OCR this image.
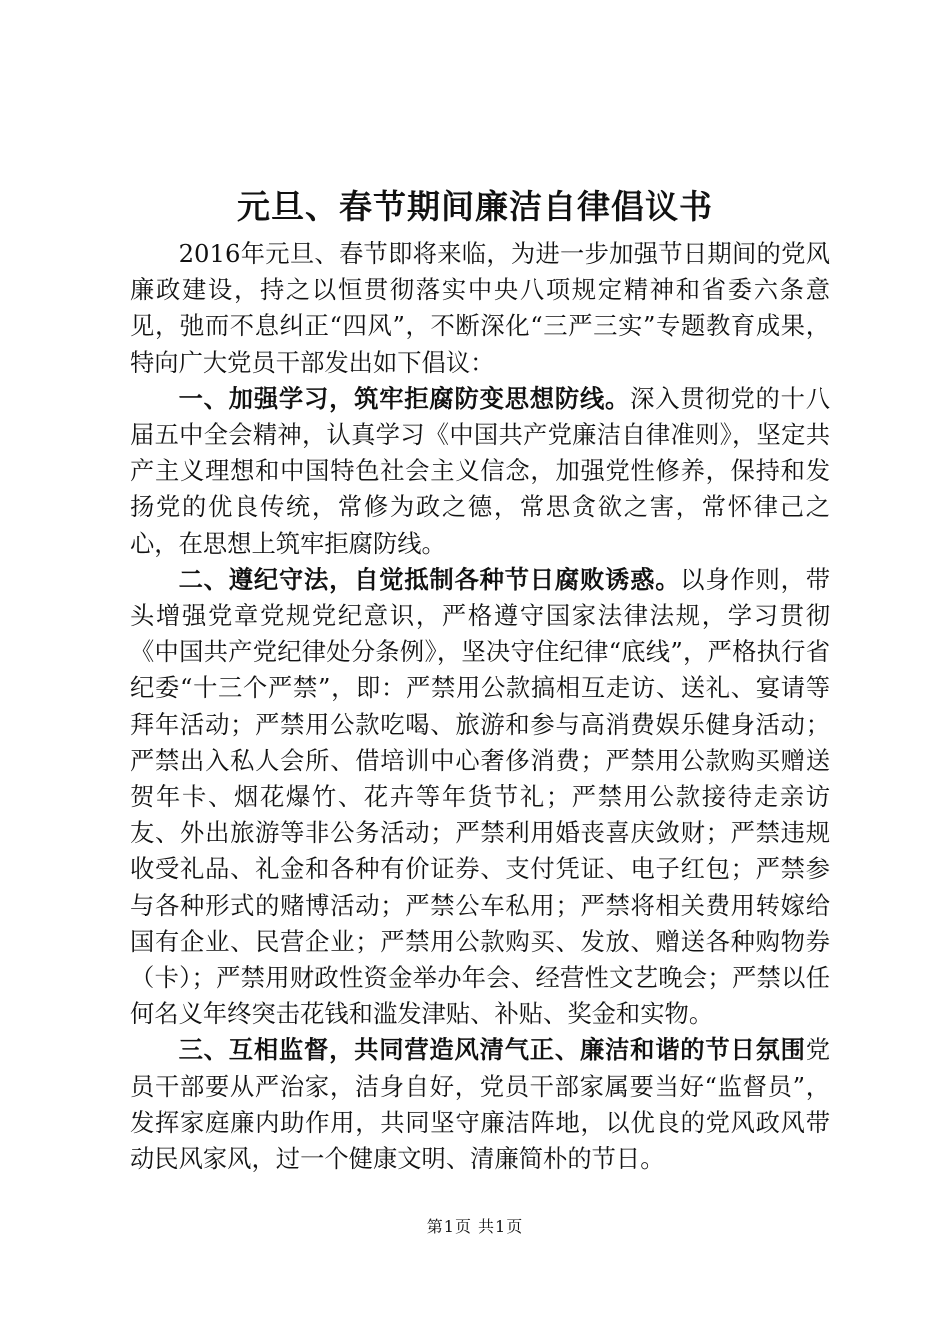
元旦、春节期间廉洁自律倡议书

2016年元旦、春节即将来临，为进一步加强节日期间的党风廉政建设，持之以恒贯彻落实中央八项规定精神和省委六条意见，弛而不息纠正“四风”，不断深化“三严三实”专题教育成果，特向广大党员干部发出如下倡议：

一、加强学习，筑牢拒腐防变思想防线。深入贯彻党的十八届五中全会精神，认真学习《中国共产党廉洁自律准则》，坚定共产主义理想和中国特色社会主义信念，加强党性修养，保持和发扬党的优良传统，常修为政之德，常思贪欲之害，常怀律己之心，在思想上筑牢拒腐防线。

二、遵纪守法，自觉抵制各种节日腐败诱惑。以身作则，带头增强党章党规党纪意识，严格遵守国家法律法规，学习贯彻《中国共产党纪律处分条例》，坚决守住纪律“底线”，严格执行省纪委“十三个严禁”，即：严禁用公款搞相互走访、送礼、宴请等拜年活动；严禁用公款吃喝、旅游和参与高消费娱乐健身活动；严禁出入私人会所、借培训中心奢侈消费；严禁用公款购买赠送贺年卡、烟花爆竹、花卉等年货节礼；严禁用公款接待走亲访友、外出旅游等非公务活动；严禁利用婚丧喜庆敛财；严禁违规收受礼品、礼金和各种有价证券、支付凭证、电子红包；严禁参与各种形式的赌博活动；严禁公车私用；严禁将相关费用转嫁给国有企业、民营企业；严禁用公款购买、发放、赠送各种购物券（卡）；严禁用财政性资金举办年会、经营性文艺晚会；严禁以任何名义年终突击花钱和滥发津贴、补贴、奖金和实物。

三、互相监督，共同营造风清气正、廉洁和谐的节日氛围党员干部要从严治家，洁身自好，党员干部家属要当好“监督员”，发挥家庭廉内助作用，共同坚守廉洁阵地，以优良的党风政风带动民风家风，过一个健康文明、清廉简朴的节日。

第1页 共1页
